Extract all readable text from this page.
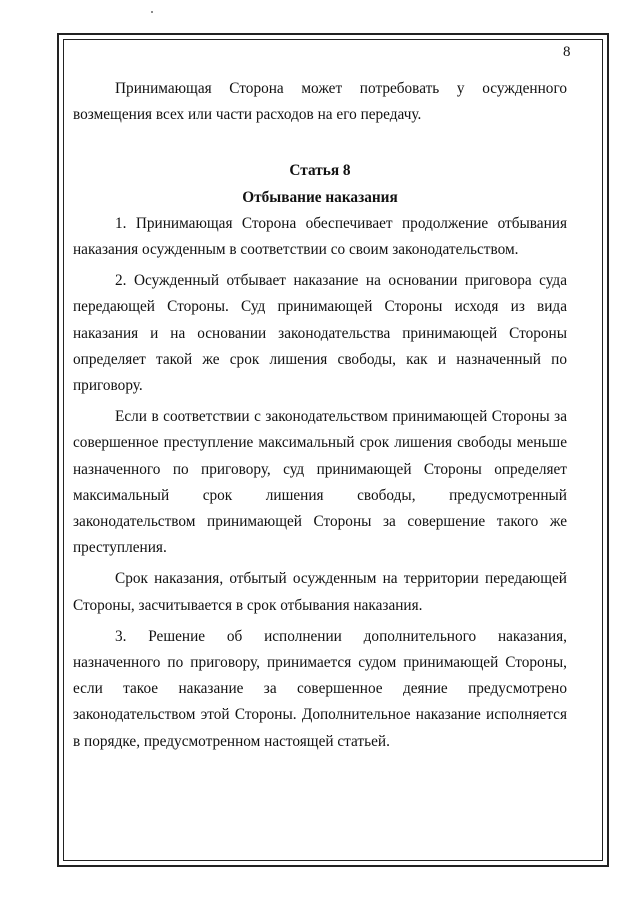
8

Принимающая Сторона может потребовать у осужденного возмещения всех или части расходов на его передачу.

Статья 8

Отбывание наказания

1. Принимающая Сторона обеспечивает продолжение отбывания наказания осужденным в соответствии со своим законодательством.

2. Осужденный отбывает наказание на основании приговора суда передающей Стороны. Суд принимающей Стороны исходя из вида наказания и на основании законодательства принимающей Стороны определяет такой же срок лишения свободы, как и назначенный по приговору.

Если в соответствии с законодательством принимающей Стороны за совершенное преступление максимальный срок лишения свободы меньше назначенного по приговору, суд принимающей Стороны определяет максимальный срок лишения свободы, предусмотренный законодательством принимающей Стороны за совершение такого же преступления.

Срок наказания, отбытый осужденным на территории передающей Стороны, засчитывается в срок отбывания наказания.

3. Решение об исполнении дополнительного наказания, назначенного по приговору, принимается судом принимающей Стороны, если такое наказание за совершенное деяние предусмотрено законодательством этой Стороны. Дополнительное наказание исполняется в порядке, предусмотренном настоящей статьей.
